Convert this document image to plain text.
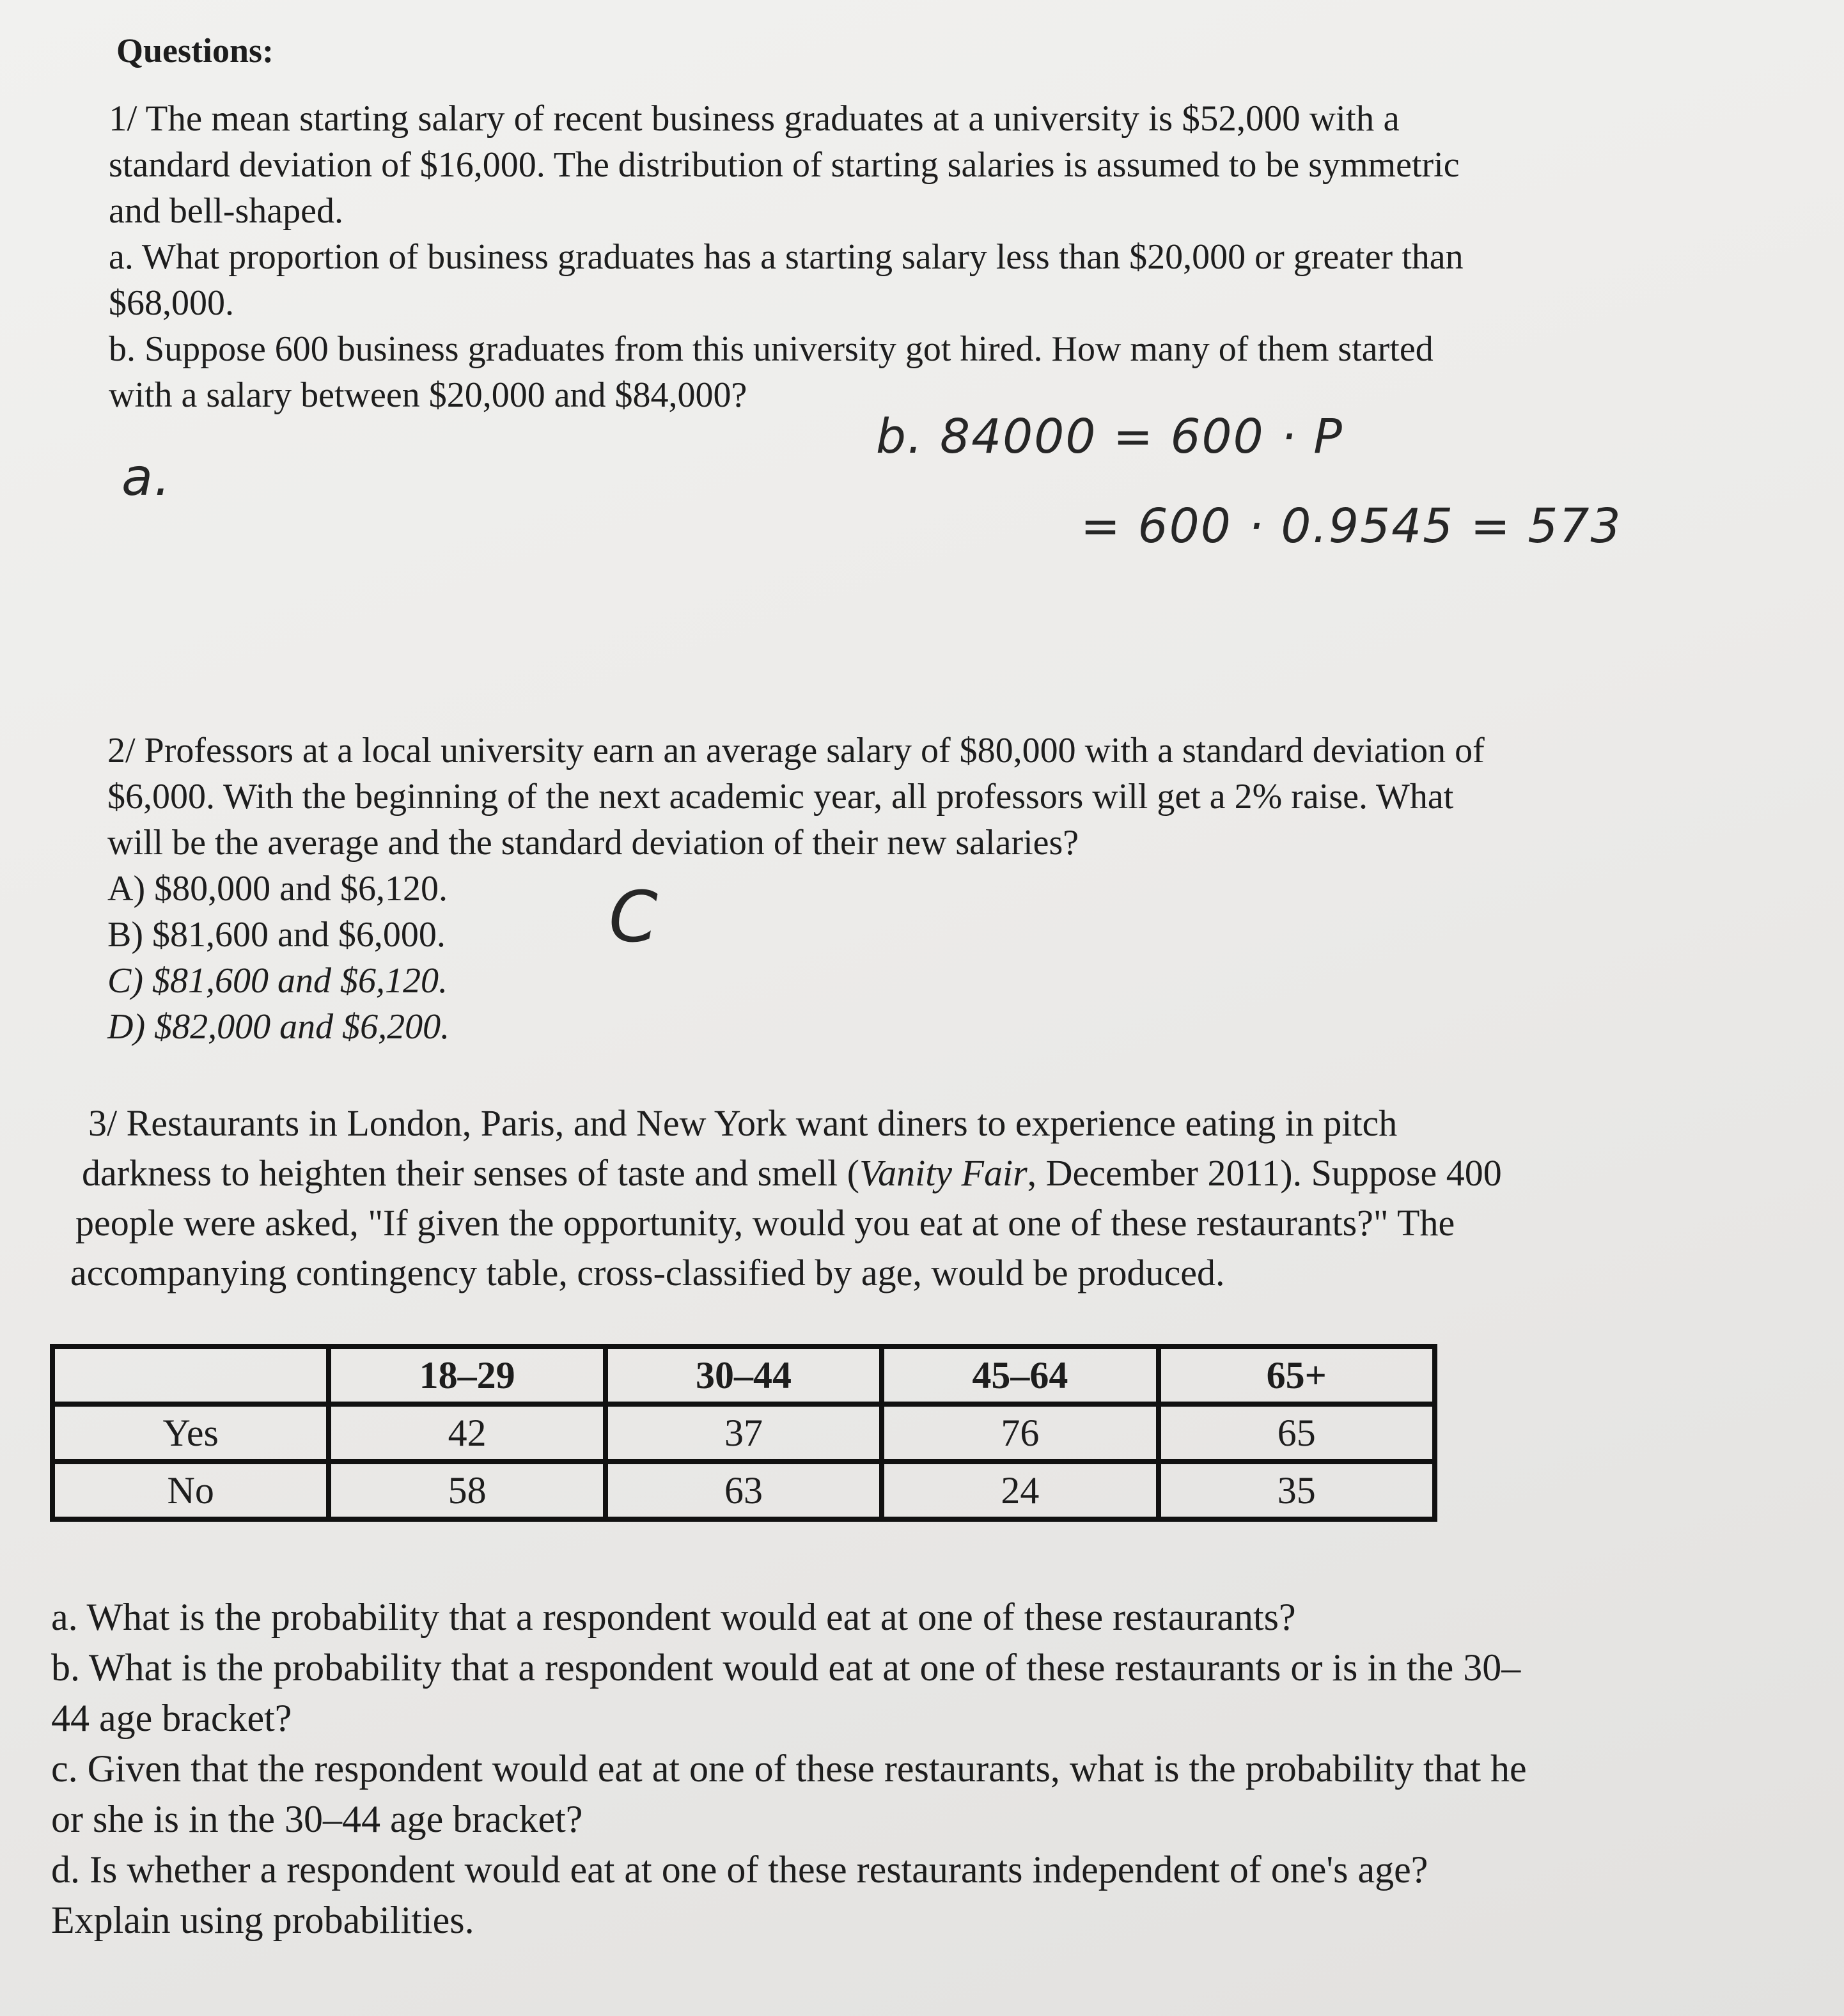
Questions:

1/ The mean starting salary of recent business graduates at a university is $52,000 with a

standard deviation of $16,000. The distribution of starting salaries is assumed to be symmetric

and bell-shaped.

a. What proportion of business graduates has a starting salary less than $20,000 or greater than

$68,000.

b. Suppose 600 business graduates from this university got hired. How many of them started

with a salary between $20,000 and $84,000?

a.
b. 84000 = 600 · P
= 600 · 0.9545 = 573

2/ Professors at a local university earn an average salary of $80,000 with a standard deviation of

$6,000. With the beginning of the next academic year, all professors will get a 2% raise. What

will be the average and the standard deviation of their new salaries?

A) $80,000 and $6,120.

B) $81,600 and $6,000.

C) $81,600 and $6,120.

D) $82,000 and $6,200.

C

3/ Restaurants in London, Paris, and New York want diners to experience eating in pitch

darkness to heighten their senses of taste and smell (Vanity Fair, December 2011). Suppose 400

people were asked, "If given the opportunity, would you eat at one of these restaurants?" The

accompanying contingency table, cross-classified by age, would be produced.

	18–29	30–44	45–64	65+
Yes	42	37	76	65
No	58	63	24	35

a. What is the probability that a respondent would eat at one of these restaurants?

b. What is the probability that a respondent would eat at one of these restaurants or is in the 30–

44 age bracket?

c. Given that the respondent would eat at one of these restaurants, what is the probability that he

or she is in the 30–44 age bracket?

d. Is whether a respondent would eat at one of these restaurants independent of one's age?

Explain using probabilities.
